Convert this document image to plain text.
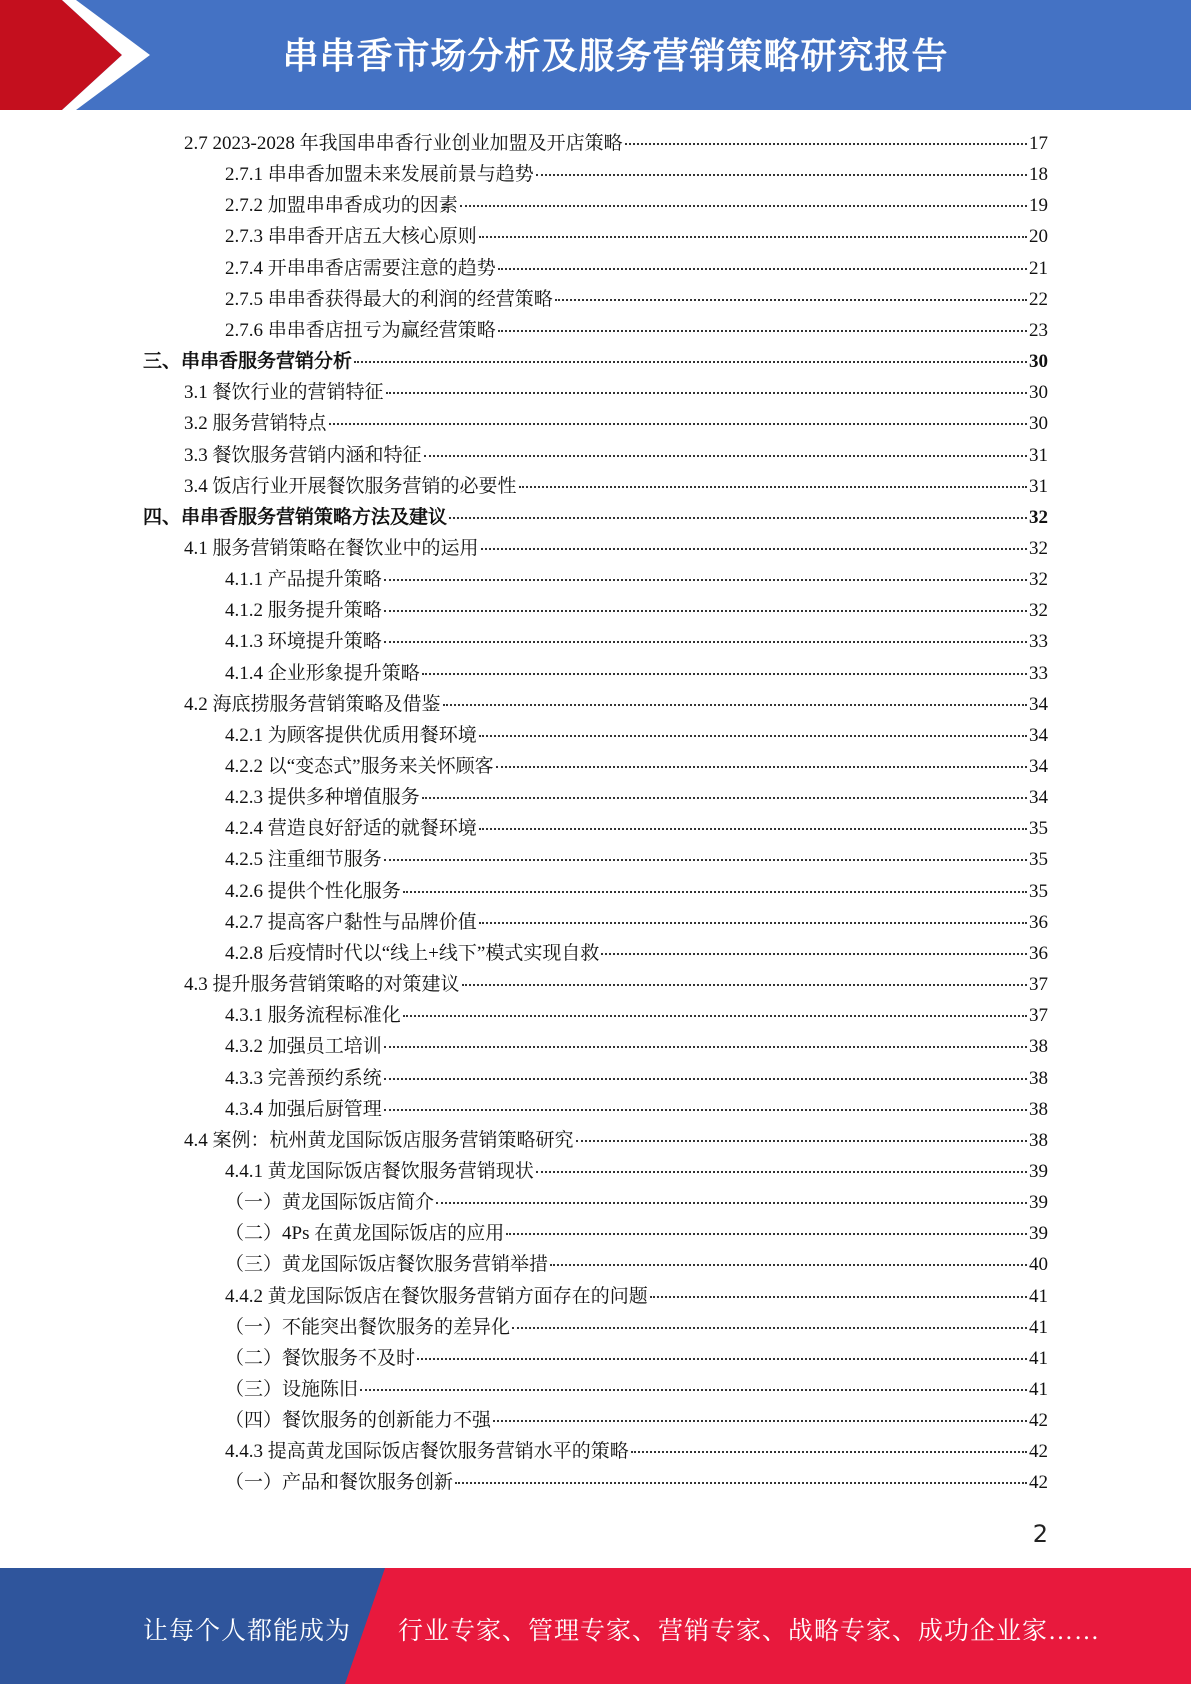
串串香市场分析及服务营销策略研究报告
2.7 2023-2028 年我国串串香行业创业加盟及开店策略	17
2.7.1 串串香加盟未来发展前景与趋势	18
2.7.2 加盟串串香成功的因素	19
2.7.3 串串香开店五大核心原则	20
2.7.4 开串串香店需要注意的趋势	21
2.7.5 串串香获得最大的利润的经营策略	22
2.7.6 串串香店扭亏为赢经营策略	23
三、串串香服务营销分析	30
3.1 餐饮行业的营销特征	30
3.2 服务营销特点	30
3.3 餐饮服务营销内涵和特征	31
3.4 饭店行业开展餐饮服务营销的必要性	31
四、串串香服务营销策略方法及建议	32
4.1 服务营销策略在餐饮业中的运用	32
4.1.1 产品提升策略	32
4.1.2 服务提升策略	32
4.1.3 环境提升策略	33
4.1.4 企业形象提升策略	33
4.2 海底捞服务营销策略及借鉴	34
4.2.1 为顾客提供优质用餐环境	34
4.2.2 以“变态式”服务来关怀顾客	34
4.2.3 提供多种增值服务	34
4.2.4 营造良好舒适的就餐环境	35
4.2.5 注重细节服务	35
4.2.6 提供个性化服务	35
4.2.7 提高客户黏性与品牌价值	36
4.2.8 后疫情时代以“线上+线下”模式实现自救	36
4.3 提升服务营销策略的对策建议	37
4.3.1 服务流程标准化	37
4.3.2 加强员工培训	38
4.3.3 完善预约系统	38
4.3.4 加强后厨管理	38
4.4 案例：杭州黄龙国际饭店服务营销策略研究	38
4.4.1 黄龙国际饭店餐饮服务营销现状	39
（一）黄龙国际饭店简介	39
（二）4Ps 在黄龙国际饭店的应用	39
（三）黄龙国际饭店餐饮服务营销举措	40
4.4.2 黄龙国际饭店在餐饮服务营销方面存在的问题	41
（一）不能突出餐饮服务的差异化	41
（二）餐饮服务不及时	41
（三）设施陈旧	41
（四）餐饮服务的创新能力不强	42
4.4.3 提高黄龙国际饭店餐饮服务营销水平的策略	42
（一）产品和餐饮服务创新	42
2
让每个人都能成为 行业专家、管理专家、营销专家、战略专家、成功企业家……
